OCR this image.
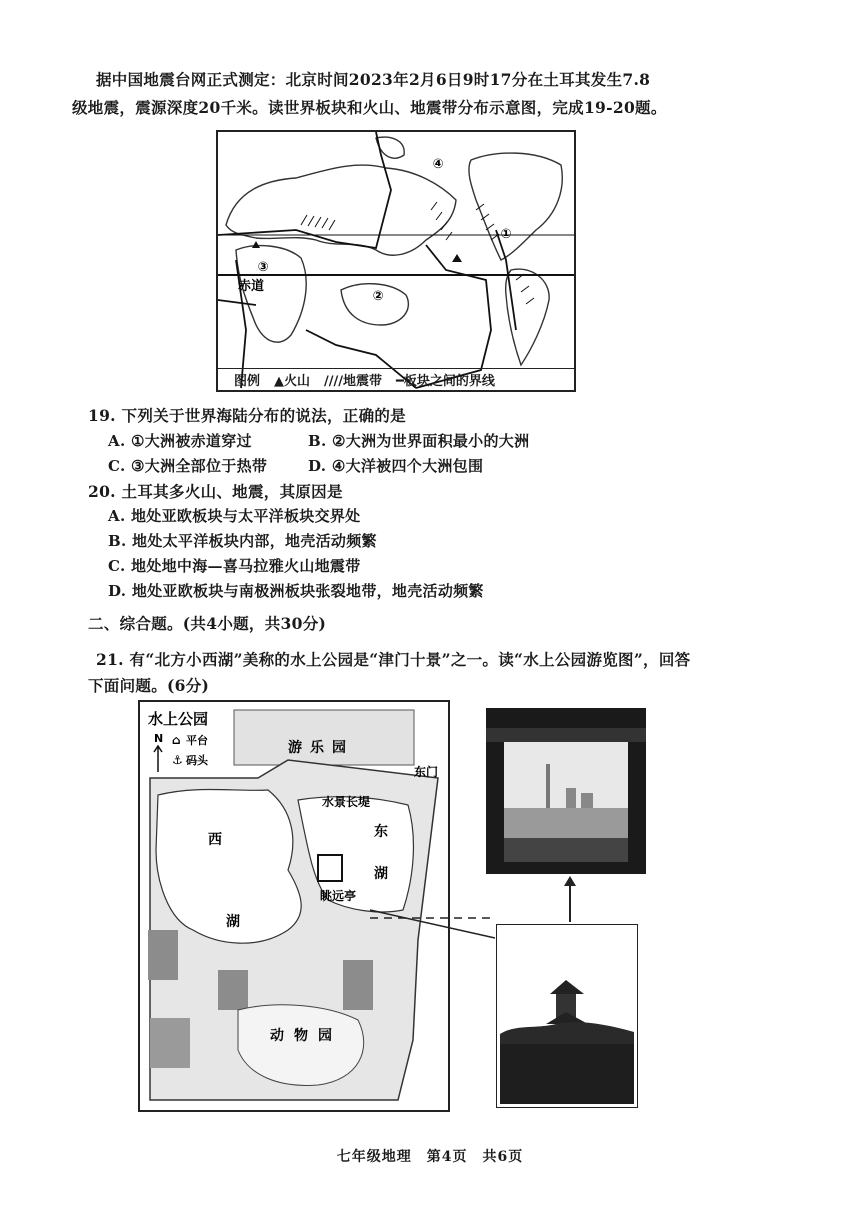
据中国地震台网正式测定：北京时间2023年2月6日9时17分在土耳其发生7.8
级地震，震源深度20千米。读世界板块和火山、地震带分布示意图，完成19-20题。
④
①
②
③
赤道
图例 ▲火山 ////地震带 ━板块之间的界线
19. 下列关于世界海陆分布的说法，正确的是
A. ①大洲被赤道穿过	B. ②大洲为世界面积最小的大洲
C. ③大洲全部位于热带	D. ④大洋被四个大洲包围
20. 土耳其多火山、地震，其原因是
A. 地处亚欧板块与太平洋板块交界处
B. 地处太平洋板块内部，地壳活动频繁
C. 地处地中海—喜马拉雅火山地震带
D. 地处亚欧板块与南极洲板块张裂地带，地壳活动频繁
二、综合题。(共4小题，共30分)
21. 有“北方小西湖”美称的水上公园是“津门十景”之一。读“水上公园游览图”，回答
下面问题。(6分)
水上公园
N ⌂ 平台
⚓ 码头
游乐园
东门
水景长堤
东
湖
西
湖
眺远亭
动物园
七年级地理　第4页　共6页
